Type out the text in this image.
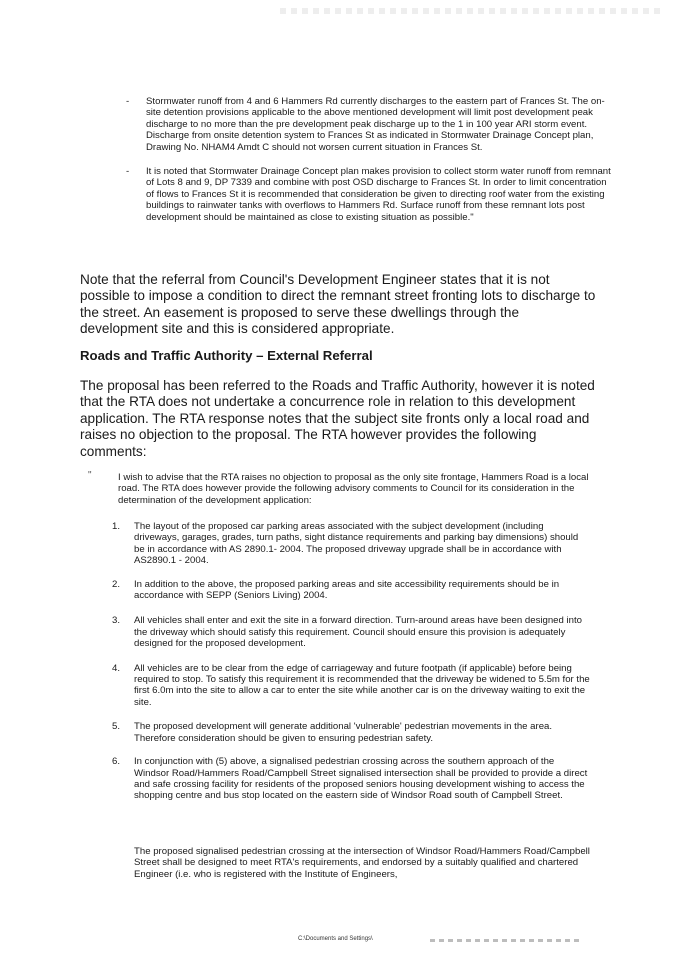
- Stormwater runoff from 4 and 6 Hammers Rd currently discharges to the eastern part of Frances St. The on-site detention provisions applicable to the above mentioned development will limit post development peak discharge to no more than the pre development peak discharge up to the 1 in 100 year ARI storm event. Discharge from onsite detention system to Frances St as indicated in Stormwater Drainage Concept plan, Drawing No. NHAM4 Amdt C should not worsen current situation in Frances St.
- It is noted that Stormwater Drainage Concept plan makes provision to collect storm water runoff from remnant of Lots 8 and 9, DP 7339 and combine with post OSD discharge to Frances St. In order to limit concentration of flows to Frances St it is recommended that consideration be given to directing roof water from the existing buildings to rainwater tanks with overflows to Hammers Rd. Surface runoff from these remnant lots post development should be maintained as close to existing situation as possible."
Note that the referral from Council's Development Engineer states that it is not possible to impose a condition to direct the remnant street fronting lots to discharge to the street. An easement is proposed to serve these dwellings through the development site and this is considered appropriate.
Roads and Traffic Authority – External Referral
The proposal has been referred to the Roads and Traffic Authority, however it is noted that the RTA does not undertake a concurrence role in relation to this development application. The RTA response notes that the subject site fronts only a local road and raises no objection to the proposal. The RTA however provides the following comments:
"	I wish to advise that the RTA raises no objection to proposal as the only site frontage, Hammers Road is a local road. The RTA does however provide the following advisory comments to Council for its consideration in the determination of the development application:
1. The layout of the proposed car parking areas associated with the subject development (including driveways, garages, grades, turn paths, sight distance requirements and parking bay dimensions) should be in accordance with AS 2890.1- 2004. The proposed driveway upgrade shall be in accordance with AS2890.1 - 2004.
2. In addition to the above, the proposed parking areas and site accessibility requirements should be in accordance with SEPP (Seniors Living) 2004.
3. All vehicles shall enter and exit the site in a forward direction. Turn-around areas have been designed into the driveway which should satisfy this requirement. Council should ensure this provision is adequately designed for the proposed development.
4. All vehicles are to be clear from the edge of carriageway and future footpath (if applicable) before being required to stop. To satisfy this requirement it is recommended that the driveway be widened to 5.5m for the first 6.0m into the site to allow a car to enter the site while another car is on the driveway waiting to exit the site.
5. The proposed development will generate additional 'vulnerable' pedestrian movements in the area. Therefore consideration should be given to ensuring pedestrian safety.
6. In conjunction with (5) above, a signalised pedestrian crossing across the southern approach of the Windsor Road/Hammers Road/Campbell Street signalised intersection shall be provided to provide a direct and safe crossing facility for residents of the proposed seniors housing development wishing to access the shopping centre and bus stop located on the eastern side of Windsor Road south of Campbell Street.
The proposed signalised pedestrian crossing at the intersection of Windsor Road/Hammers Road/Campbell Street shall be designed to meet RTA's requirements, and endorsed by a suitably qualified and chartered Engineer (i.e. who is registered with the Institute of Engineers,
C:\Documents and Settings\
